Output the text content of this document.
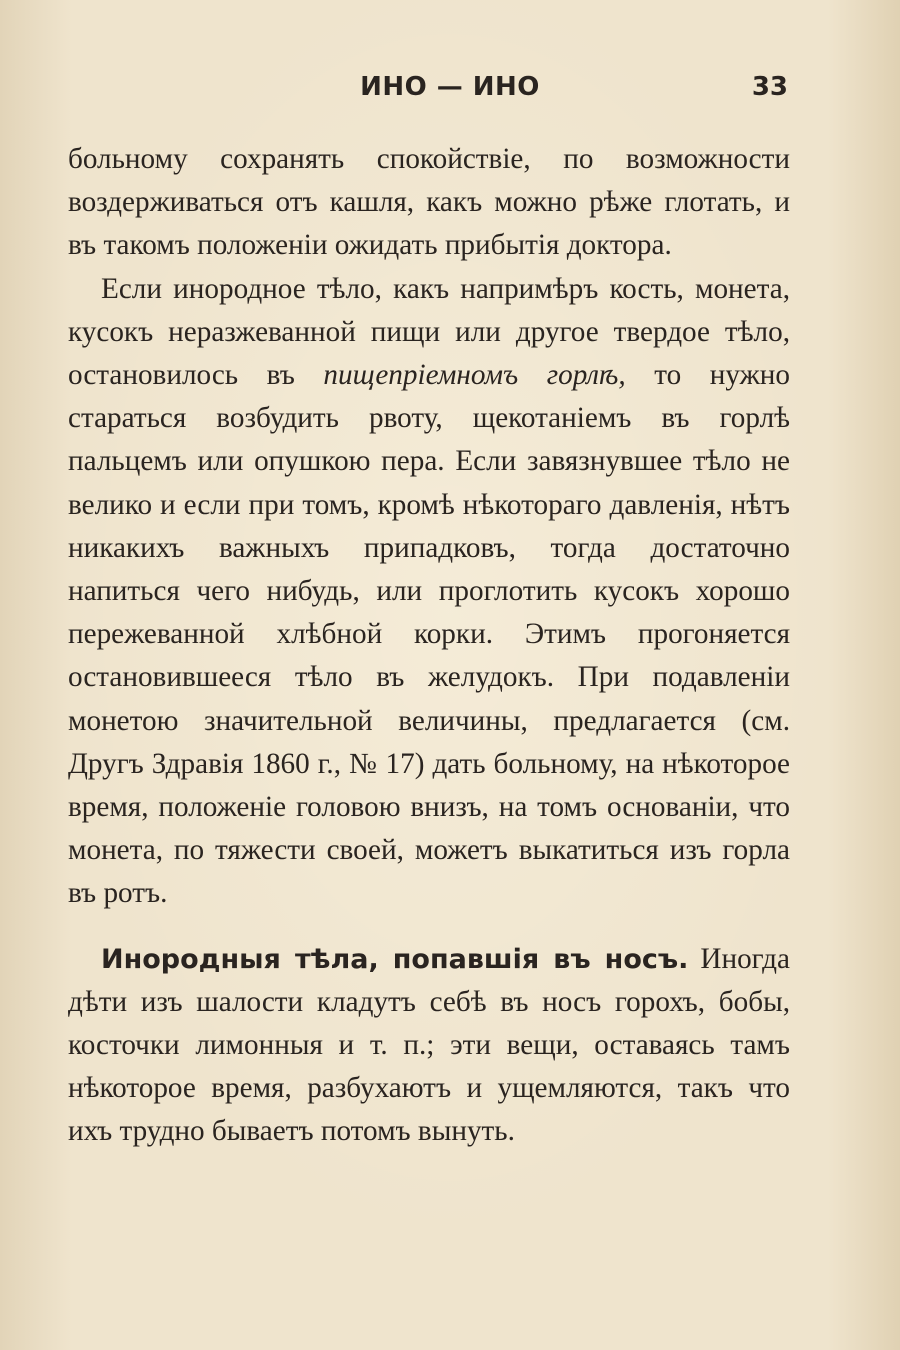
ИНО — ИНО	33

больному сохранять спокойствіе, по возможности воздерживаться отъ кашля, какъ можно рѣже глотать, и въ такомъ положеніи ожидать прибытія доктора.

Если инородное тѣло, какъ напримѣръ кость, монета, кусокъ неразжеванной пищи или другое твердое тѣло, остановилось въ пищепріемномъ горлѣ, то нужно стараться возбудить рвоту, щекотаніемъ въ горлѣ пальцемъ или опушкою пера. Если завязнувшее тѣло не велико и если при томъ, кромѣ нѣкотораго давленія, нѣтъ никакихъ важныхъ припадковъ, тогда достаточно напиться чего нибудь, или проглотить кусокъ хорошо пережеванной хлѣбной корки. Этимъ прогоняется остановившееся тѣло въ желудокъ. При подавленіи монетою значительной величины, предлагается (см. Другъ Здравія 1860 г., № 17) дать больному, на нѣкоторое время, положеніе головою внизъ, на томъ основаніи, что монета, по тяжести своей, можетъ выкатиться изъ горла въ ротъ.

Инородныя тѣла, попавшія въ носъ. Иногда дѣти изъ шалости кладутъ себѣ въ носъ горохъ, бобы, косточки лимонныя и т. п.; эти вещи, оставаясь тамъ нѣкоторое время, разбухаютъ и ущемляются, такъ что ихъ трудно бываетъ потомъ вынуть.
